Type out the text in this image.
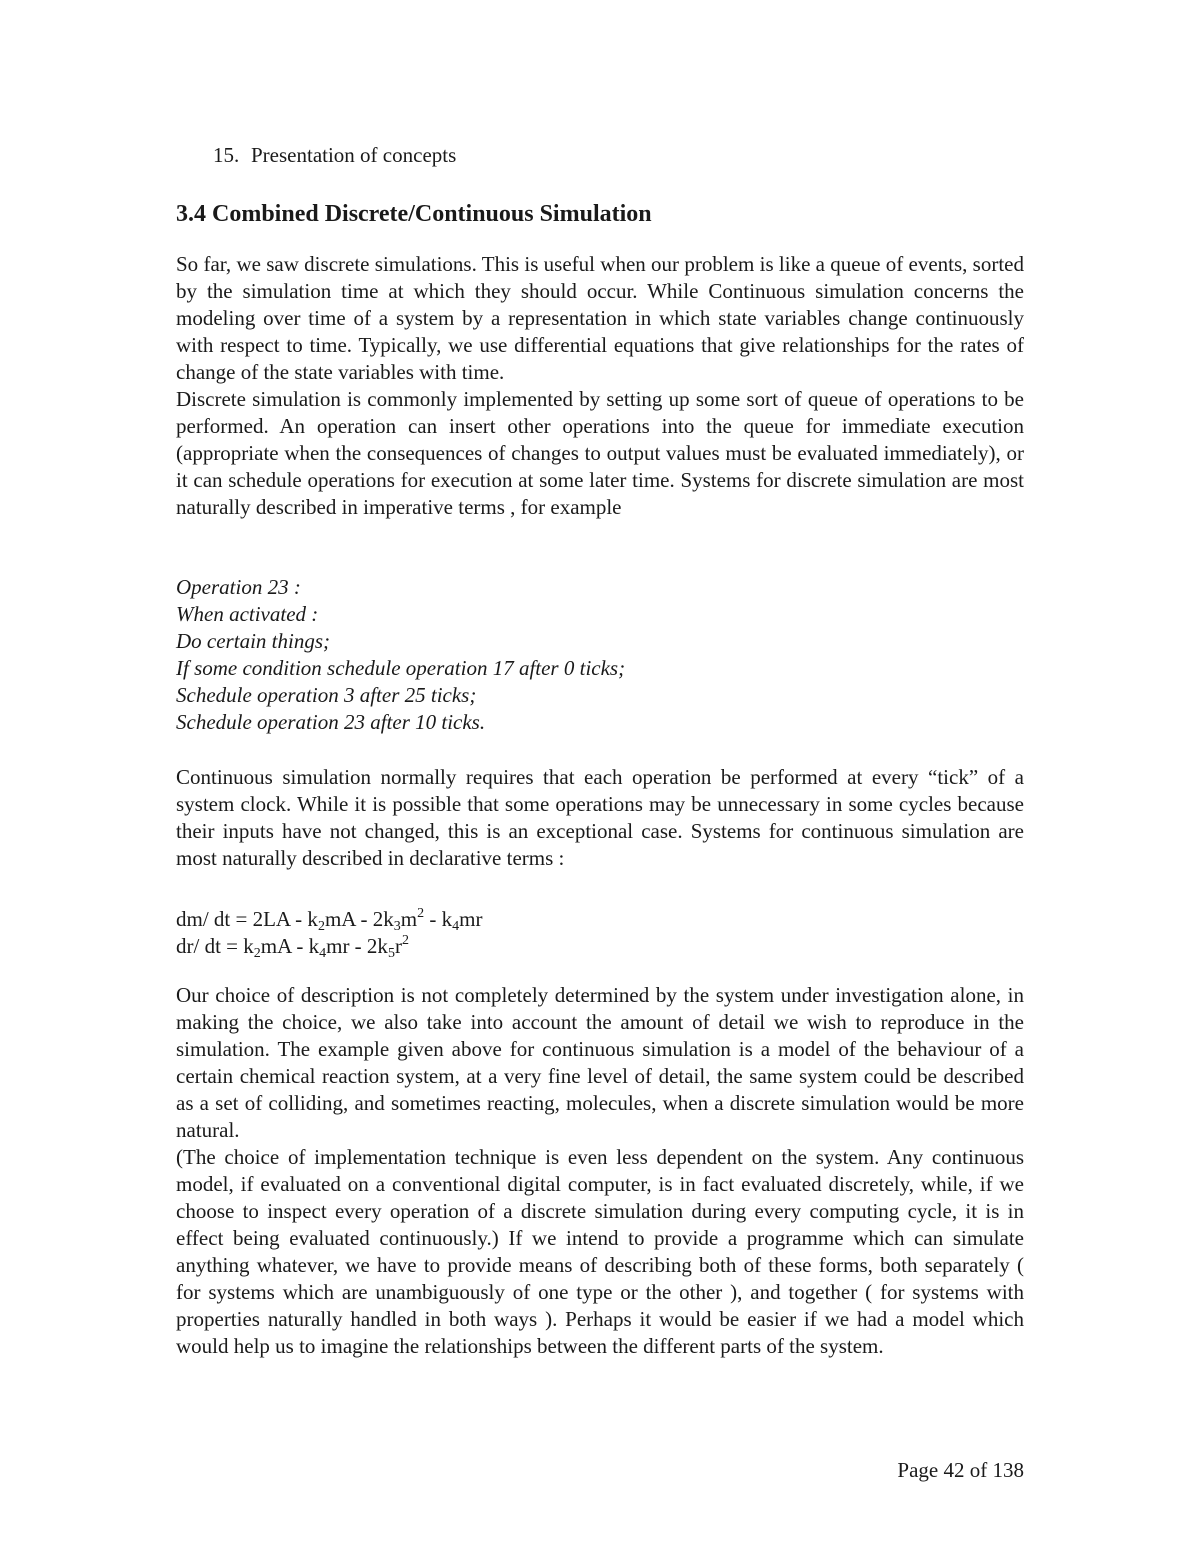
15. Presentation of concepts
3.4 Combined Discrete/Continuous Simulation

So far, we saw discrete simulations. This is useful when our problem is like a queue of events, sorted by the simulation time at which they should occur. While Continuous simulation concerns the modeling over time of a system by a representation in which state variables change continuously with respect to time. Typically, we use differential equations that give relationships for the rates of change of the state variables with time.

Discrete simulation is commonly implemented by setting up some sort of queue of operations to be performed. An operation can insert other operations into the queue for immediate execution (appropriate when the consequences of changes to output values must be evaluated immediately), or it can schedule operations for execution at some later time. Systems for discrete simulation are most naturally described in imperative terms , for example

Operation 23 :
When activated :
Do certain things;
If some condition schedule operation 17 after 0 ticks;
Schedule operation 3 after 25 ticks;
Schedule operation 23 after 10 ticks.

Continuous simulation normally requires that each operation be performed at every “tick” of a system clock. While it is possible that some operations may be unnecessary in some cycles because their inputs have not changed, this is an exceptional case. Systems for continuous simulation are most naturally described in declarative terms :

dm/ dt = $2LA - k_2mA - 2k_3m^2 - k_4mr$
dr/ dt = $k_2mA - k_4mr - 2k_5r^2$

Our choice of description is not completely determined by the system under investigation alone, in making the choice, we also take into account the amount of detail we wish to reproduce in the simulation. The example given above for continuous simulation is a model of the behaviour of a certain chemical reaction system, at a very fine level of detail, the same system could be described as a set of colliding, and sometimes reacting, molecules, when a discrete simulation would be more natural.

(The choice of implementation technique is even less dependent on the system. Any continuous model, if evaluated on a conventional digital computer, is in fact evaluated discretely, while, if we choose to inspect every operation of a discrete simulation during every computing cycle, it is in effect being evaluated continuously.) If we intend to provide a programme which can simulate anything whatever, we have to provide means of describing both of these forms, both separately ( for systems which are unambiguously of one type or the other ), and together ( for systems with properties naturally handled in both ways ). Perhaps it would be easier if we had a model which would help us to imagine the relationships between the different parts of the system.

Page 42 of 138
